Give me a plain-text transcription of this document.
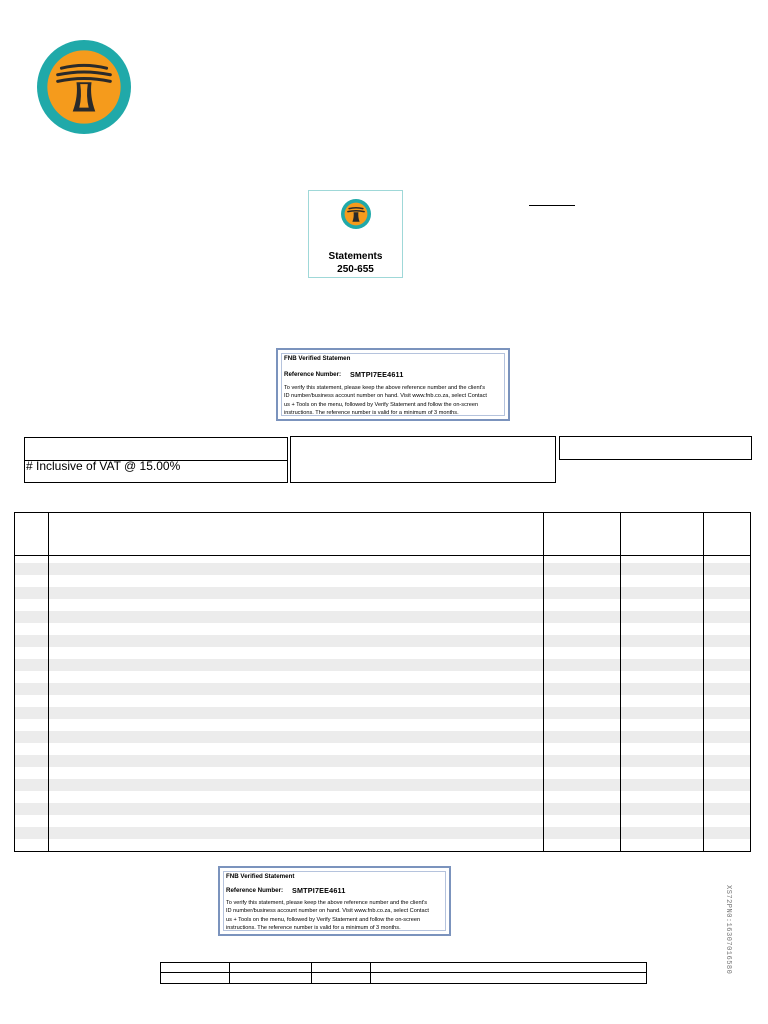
Statements
250-655
FNB Verified Statemen
Reference Number: SMTPI7EE4611
To verify this statement, please keep the above reference number and the client's
ID number/business account number on hand. Visit www.fnb.co.za, select Contact
us + Tools on the menu, followed by Verify Statement and follow the on-screen
instructions. The reference number is valid for a minimum of 3 months.
# Inclusive of VAT @ 15.00%
FNB Verified Statement
Reference Number: SMTPI7EE4611
To verify this statement, please keep the above reference number and the client's
ID number/business account number on hand. Visit www.fnb.co.za, select Contact
us + Tools on the menu, followed by Verify Statement and follow the on-screen
instructions. The reference number is valid for a minimum of 3 months.	XS72PN0:16307016580
